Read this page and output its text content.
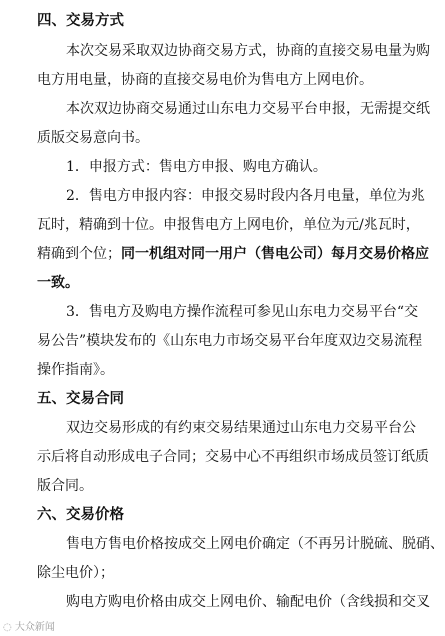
四、交易方式
本次交易采取双边协商交易方式，协商的直接交易电量为购
电方用电量，协商的直接交易电价为售电方上网电价。
本次双边协商交易通过山东电力交易平台申报，无需提交纸
质版交易意向书。
1．申报方式：售电方申报、购电方确认。
2．售电方申报内容：申报交易时段内各月电量，单位为兆
瓦时，精确到十位。申报售电方上网电价，单位为元/兆瓦时，
精确到个位；同一机组对同一用户（售电公司）每月交易价格应
一致。
3．售电方及购电方操作流程可参见山东电力交易平台“交
易公告”模块发布的《山东电力市场交易平台年度双边交易流程
操作指南》。
五、交易合同
双边交易形成的有约束交易结果通过山东电力交易平台公
示后将自动形成电子合同；交易中心不再组织市场成员签订纸质
版合同。
六、交易价格
售电方售电价格按成交上网电价确定（不再另计脱硫、脱硝、
除尘电价）；
购电方购电价格由成交上网电价、输配电价（含线损和交叉
◌ 大众新闻
